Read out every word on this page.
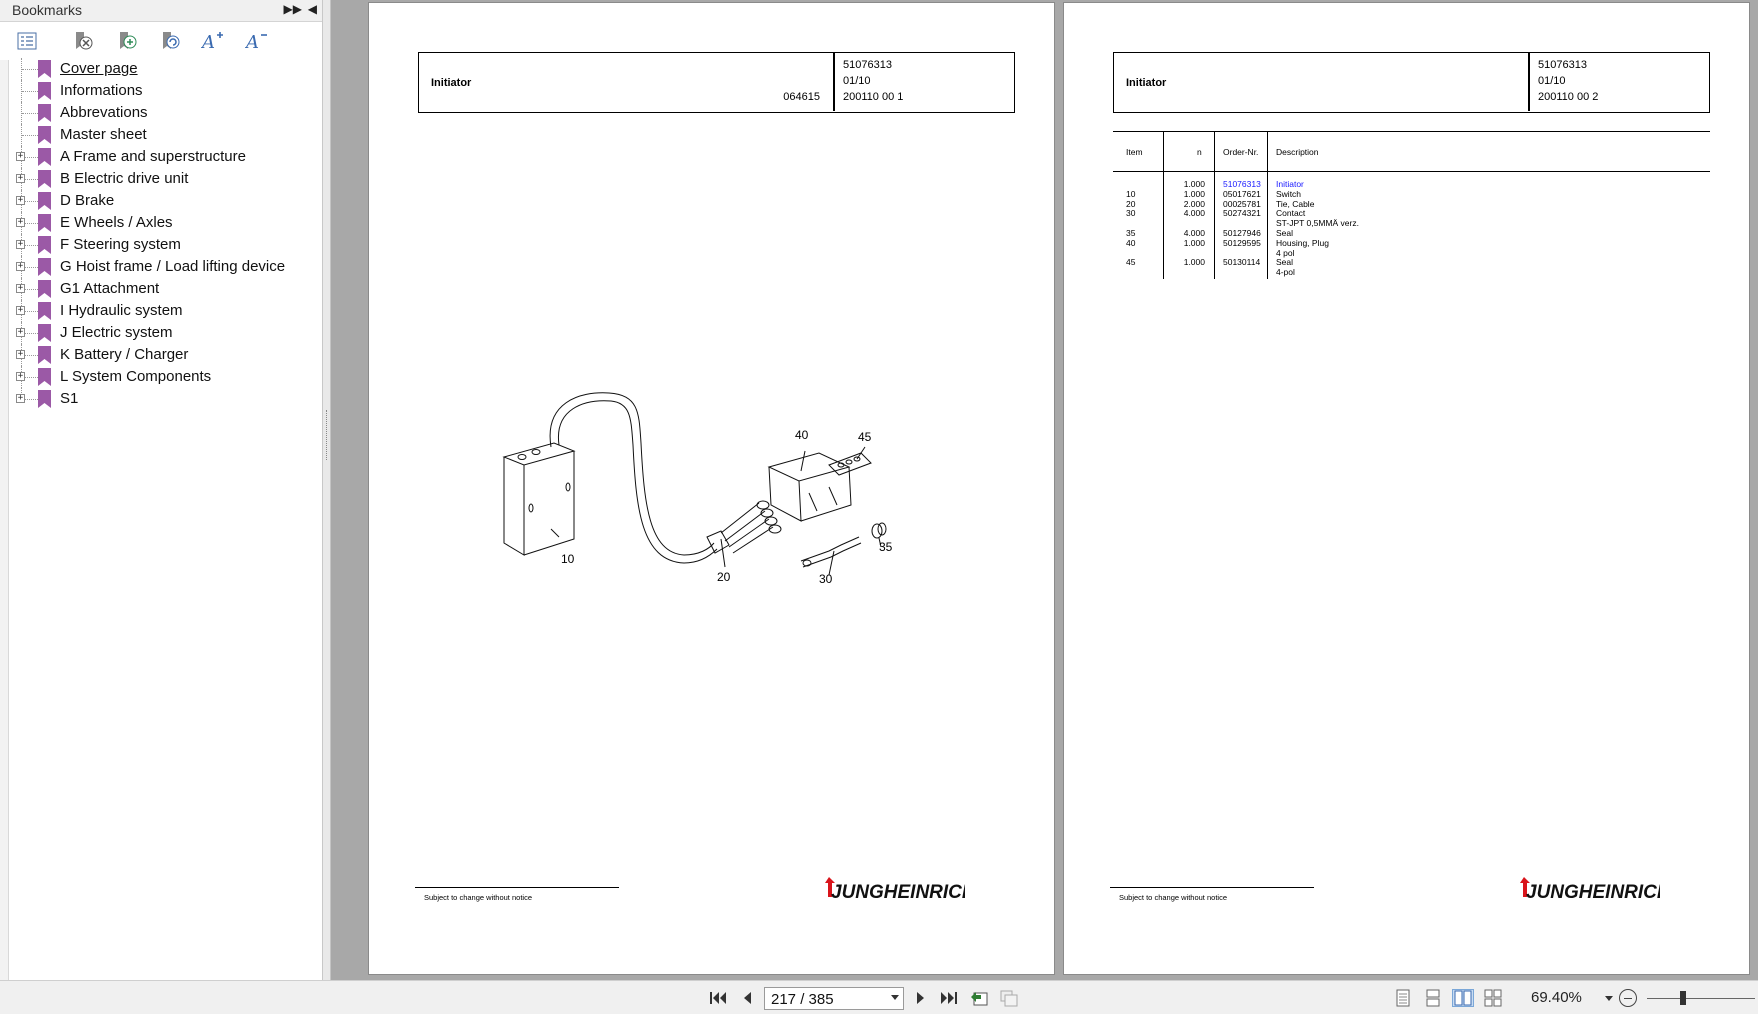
Bookmarks	▶▶ ◀
A A
Cover page
Informations
Abbrevations
Master sheet
+ A Frame and superstructure
+ B Electric drive unit
+ D Brake
+ E Wheels / Axles
+ F Steering system
+ G Hoist frame / Load lifting device
+ G1 Attachment
+ I Hydraulic system
+ J Electric system
+ K Battery / Charger
+ L System Components
+ S1
Initiator
064615
51076313
01/10
200110 00 1
10
20	30
35
40	45
Subject to change without notice	JUNGHEINRICH
Initiator
51076313
01/10
200110 00 2
Item	n	Order-Nr. Description
1.000 51076313 Initiator
10	1.000 05017621 Switch
20	2.000 00025781 Tie, Cable
30	4.000 50274321 Contact
ST-JPT 0,5MMÄ verz.
35	4.000 50127946 Seal
40	1.000 50129595 Housing, Plug
4 pol
45	1.000 50130114 Seal
4-pol
Subject to change without notice	JUNGHEINRICH
217 / 385	69.40%
